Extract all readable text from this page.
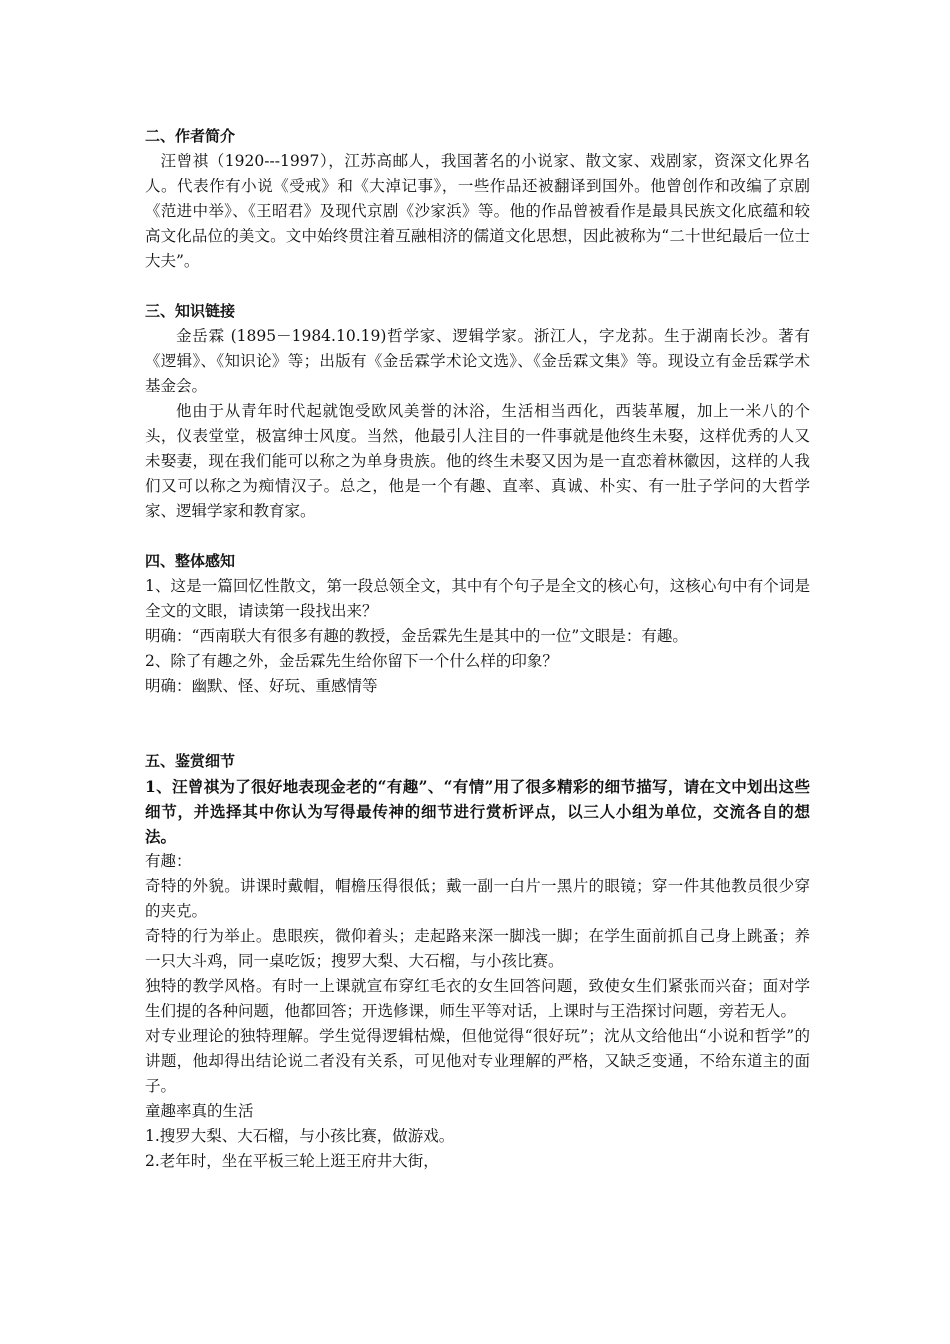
二、作者简介

汪曾祺（1920---1997），江苏高邮人，我国著名的小说家、散文家、戏剧家，资深文化界名人。代表作有小说《受戒》和《大淖记事》，一些作品还被翻译到国外。他曾创作和改编了京剧《范进中举》、《王昭君》及现代京剧《沙家浜》等。他的作品曾被看作是最具民族文化底蕴和较高文化品位的美文。文中始终贯注着互融相济的儒道文化思想，因此被称为“二十世纪最后一位士大夫”。

三、知识链接

金岳霖 (1895－1984.10.19)哲学家、逻辑学家。浙江人，字龙荪。生于湖南长沙。著有《逻辑》、《知识论》等；出版有《金岳霖学术论文选》、《金岳霖文集》等。现设立有金岳霖学术基金会。

他由于从青年时代起就饱受欧风美誉的沐浴，生活相当西化，西装革履，加上一米八的个头，仪表堂堂，极富绅士风度。当然，他最引人注目的一件事就是他终生未娶，这样优秀的人又未娶妻，现在我们能可以称之为单身贵族。他的终生未娶又因为是一直恋着林徽因，这样的人我们又可以称之为痴情汉子。总之，他是一个有趣、直率、真诚、朴实、有一肚子学问的大哲学家、逻辑学家和教育家。

四、整体感知

1、这是一篇回忆性散文，第一段总领全文，其中有个句子是全文的核心句，这核心句中有个词是全文的文眼，请读第一段找出来？

明确：“西南联大有很多有趣的教授，金岳霖先生是其中的一位”文眼是：有趣。

2、除了有趣之外，金岳霖先生给你留下一个什么样的印象？

明确：幽默、怪、好玩、重感情等

五、鉴赏细节

1、汪曾祺为了很好地表现金老的“有趣”、“有情”用了很多精彩的细节描写，请在文中划出这些细节，并选择其中你认为写得最传神的细节进行赏析评点，以三人小组为单位，交流各自的想法。

有趣：

奇特的外貌。讲课时戴帽，帽檐压得很低；戴一副一白片一黑片的眼镜；穿一件其他教员很少穿的夹克。

奇特的行为举止。患眼疾，微仰着头；走起路来深一脚浅一脚；在学生面前抓自己身上跳蚤；养一只大斗鸡，同一桌吃饭；搜罗大梨、大石榴，与小孩比赛。

独特的教学风格。有时一上课就宣布穿红毛衣的女生回答问题，致使女生们紧张而兴奋；面对学生们提的各种问题，他都回答；开选修课，师生平等对话，上课时与王浩探讨问题，旁若无人。

对专业理论的独特理解。学生觉得逻辑枯燥，但他觉得“很好玩”；沈从文给他出“小说和哲学”的讲题，他却得出结论说二者没有关系，可见他对专业理解的严格，又缺乏变通，不给东道主的面子。

童趣率真的生活

1.搜罗大梨、大石榴，与小孩比赛，做游戏。

2.老年时，坐在平板三轮上逛王府井大街，
